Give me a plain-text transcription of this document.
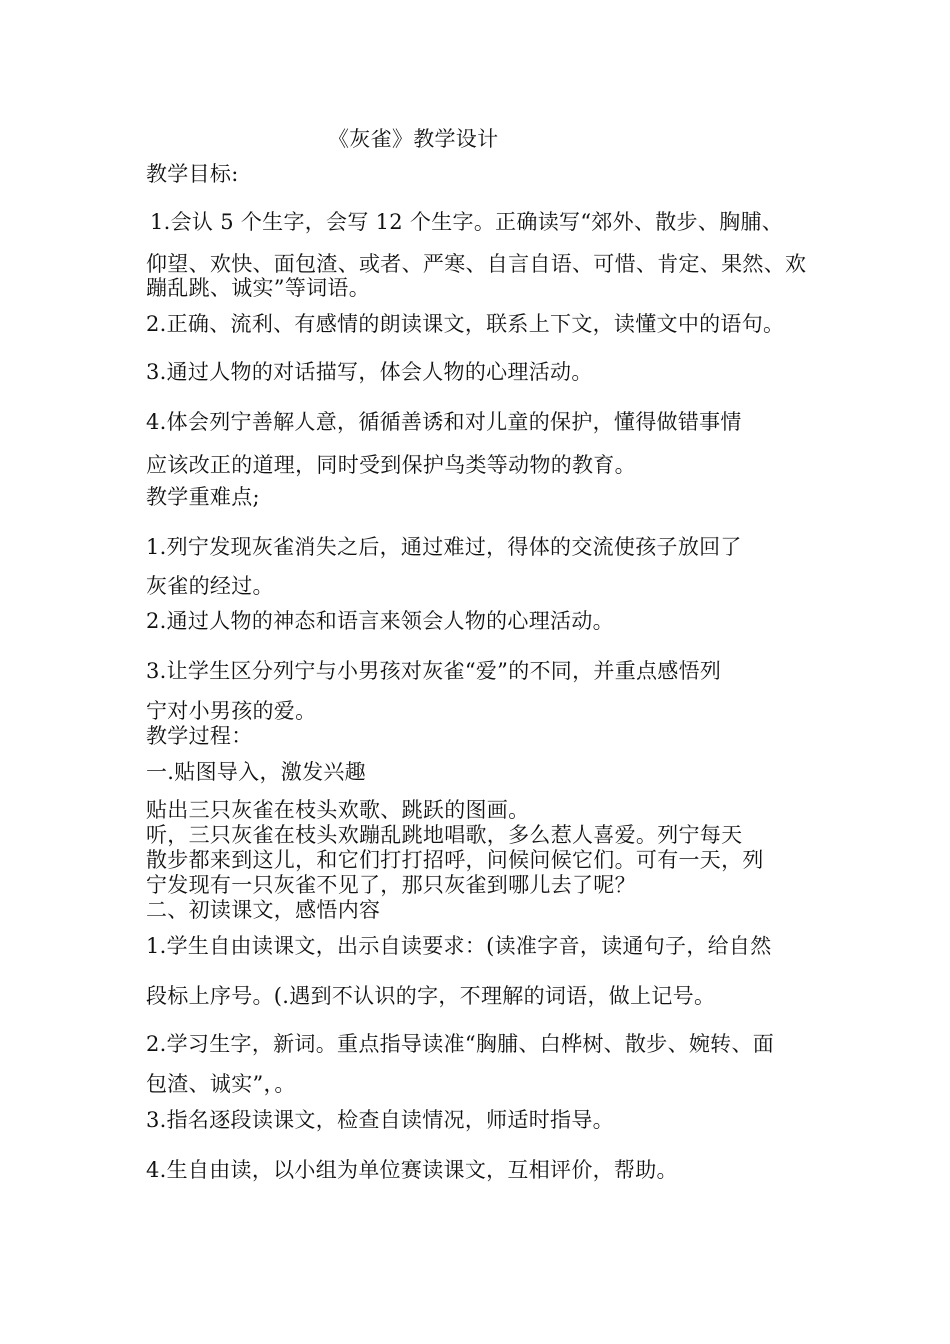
《灰雀》教学设计

教学目标:

1.会认 5 个生字，会写 12 个生字。正确读写“郊外、散步、胸脯、

仰望、欢快、面包渣、或者、严寒、自言自语、可惜、肯定、果然、欢

蹦乱跳、诚实”等词语。

2.正确、流利、有感情的朗读课文，联系上下文，读懂文中的语句。

3.通过人物的对话描写，体会人物的心理活动。

4.体会列宁善解人意，循循善诱和对儿童的保护，懂得做错事情

应该改正的道理，同时受到保护鸟类等动物的教育。

教学重难点;

1.列宁发现灰雀消失之后，通过难过，得体的交流使孩子放回了

灰雀的经过。

2.通过人物的神态和语言来领会人物的心理活动。

3.让学生区分列宁与小男孩对灰雀“爱”的不同，并重点感悟列

宁对小男孩的爱。

教学过程：

一.贴图导入，激发兴趣

贴出三只灰雀在枝头欢歌、跳跃的图画。

听，三只灰雀在枝头欢蹦乱跳地唱歌，多么惹人喜爱。列宁每天

散步都来到这儿，和它们打打招呼，问候问候它们。可有一天，列

宁发现有一只灰雀不见了，那只灰雀到哪儿去了呢？

二、初读课文，感悟内容

1.学生自由读课文，出示自读要求：(读准字音，读通句子，给自然

段标上序号。(.遇到不认识的字，不理解的词语，做上记号。

2.学习生字，新词。重点指导读准“胸脯、白桦树、散步、婉转、面

包渣、诚实”，。

3.指名逐段读课文，检查自读情况，师适时指导。

4.生自由读，以小组为单位赛读课文，互相评价，帮助。
